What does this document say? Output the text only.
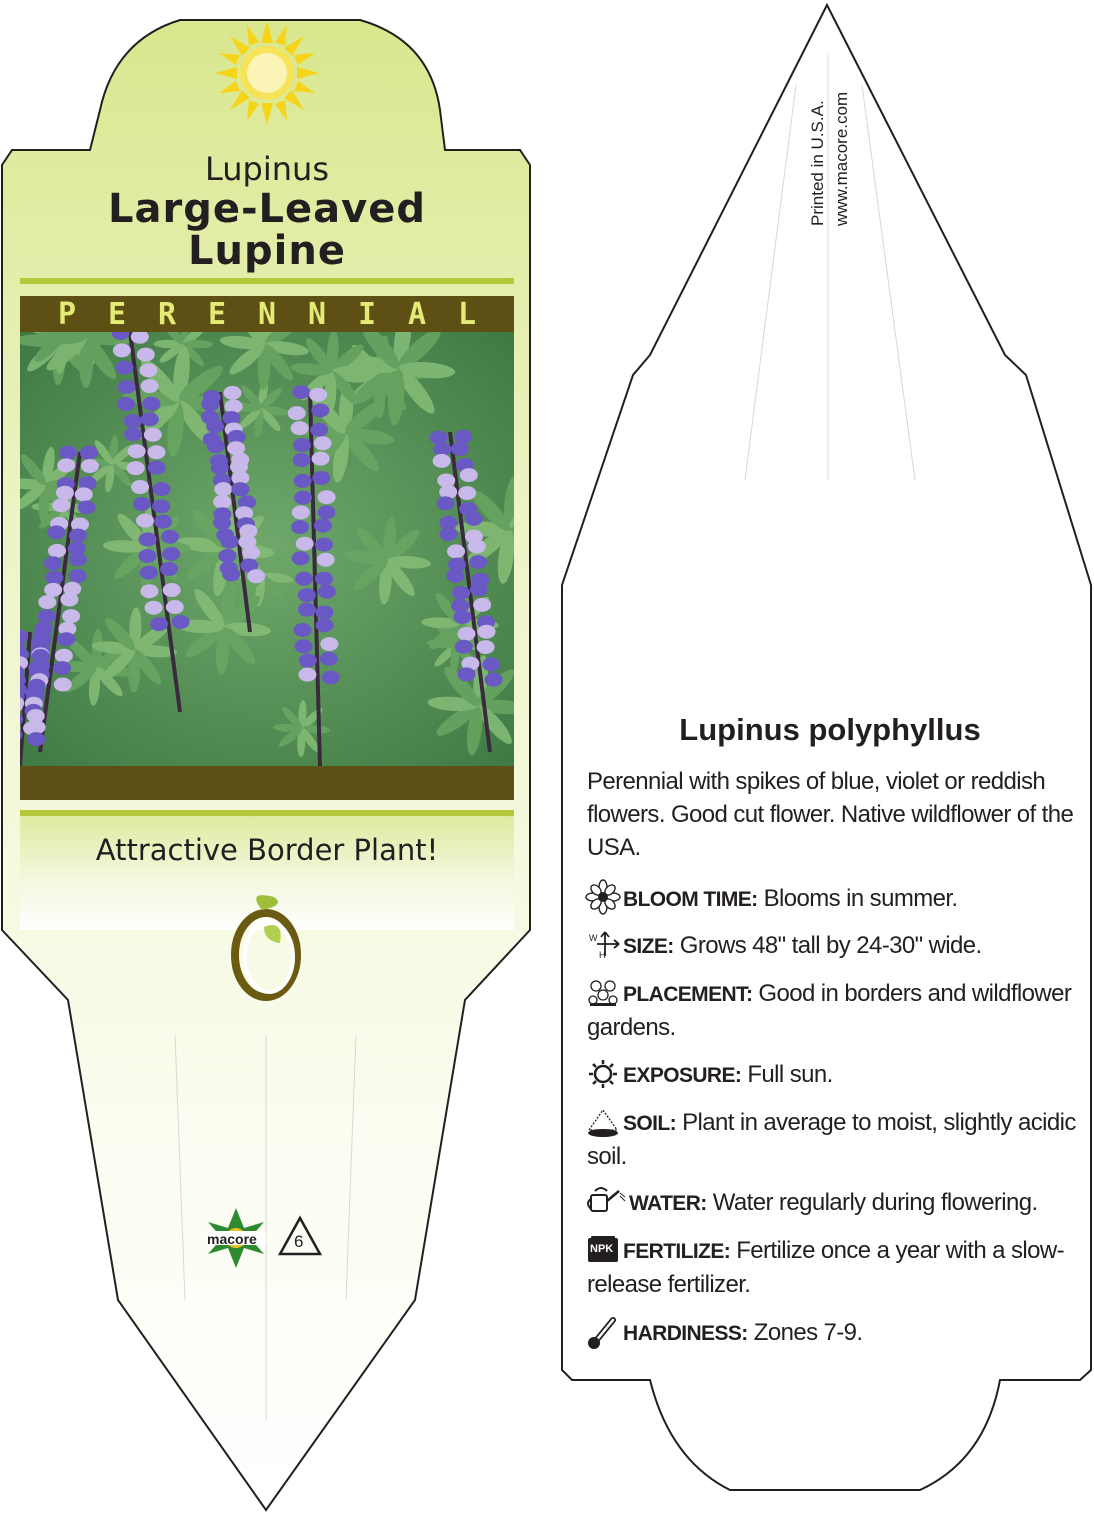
Lupinus
Large-Leaved
Lupine
P E R E N N I A L
Attractive Border Plant!
macore 6
Printed in U.S.A. www.macore.com
Lupinus polyphyllus
Perennial with spikes of blue, violet or reddish flowers. Good cut flower. Native wildflower of the USA.
W
H
NPK
BLOOM TIME: Blooms in summer.
SIZE: Grows 48" tall by 24-30" wide.
PLACEMENT: Good in borders and wildflower gardens.
EXPOSURE: Full sun.
SOIL: Plant in average to moist, slightly acidic soil.
WATER: Water regularly during flowering.
FERTILIZE: Fertilize once a year with a slow-release fertilizer.
HARDINESS: Zones 7-9.
